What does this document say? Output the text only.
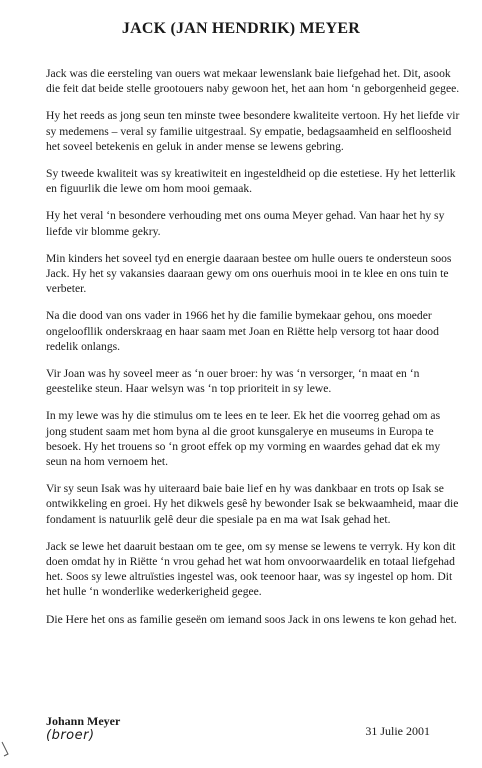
JACK (JAN HENDRIK) MEYER

Jack was die eersteling van ouers wat mekaar lewenslank baie liefgehad het. Dit, asook die feit dat beide stelle grootouers naby gewoon het, het aan hom ‘n geborgenheid gegee.

Hy het reeds as jong seun ten minste twee besondere kwaliteite vertoon. Hy het liefde vir sy medemens – veral sy familie uitgestraal. Sy empatie, bedagsaamheid en selfloosheid het soveel betekenis en geluk in ander mense se lewens gebring.

Sy tweede kwaliteit was sy kreatiwiteit en ingesteldheid op die estetiese. Hy het letterlik en figuurlik die lewe om hom mooi gemaak.

Hy het veral ‘n besondere verhouding met ons ouma Meyer gehad. Van haar het hy sy liefde vir blomme gekry.

Min kinders het soveel tyd en energie daaraan bestee om hulle ouers te ondersteun soos Jack. Hy het sy vakansies daaraan gewy om ons ouerhuis mooi in te klee en ons tuin te verbeter.

Na die dood van ons vader in 1966 het hy die familie bymekaar gehou, ons moeder ongeloofllik onderskraag en haar saam met Joan en Riëtte help versorg tot haar dood redelik onlangs.

Vir Joan was hy soveel meer as ‘n ouer broer: hy was ‘n versorger, ‘n maat en ‘n geestelike steun. Haar welsyn was ‘n top prioriteit in sy lewe.

In my lewe was hy die stimulus om te lees en te leer. Ek het die voorreg gehad om as jong student saam met hom byna al die groot kunsgalerye en museums in Europa te besoek. Hy het trouens so ‘n groot effek op my vorming en waardes gehad dat ek my seun na hom vernoem het.

Vir sy seun Isak was hy uiteraard baie baie lief en hy was dankbaar en trots op Isak se ontwikkeling en groei. Hy het dikwels gesê hy bewonder Isak se bekwaamheid, maar die fondament is natuurlik gelê deur die spesiale pa en ma wat Isak gehad het.

Jack se lewe het daaruit bestaan om te gee, om sy mense se lewens te verryk. Hy kon dit doen omdat hy in Riëtte ‘n vrou gehad het wat hom onvoorwaardelik en totaal liefgehad het. Soos sy lewe altruïsties ingestel was, ook teenoor haar, was sy ingestel op hom. Dit het hulle ‘n wonderlike wederkerigheid gegee.

Die Here het ons as familie geseën om iemand soos Jack in ons lewens te kon gehad het.

Johann Meyer
(broer)	31 Julie 2001
